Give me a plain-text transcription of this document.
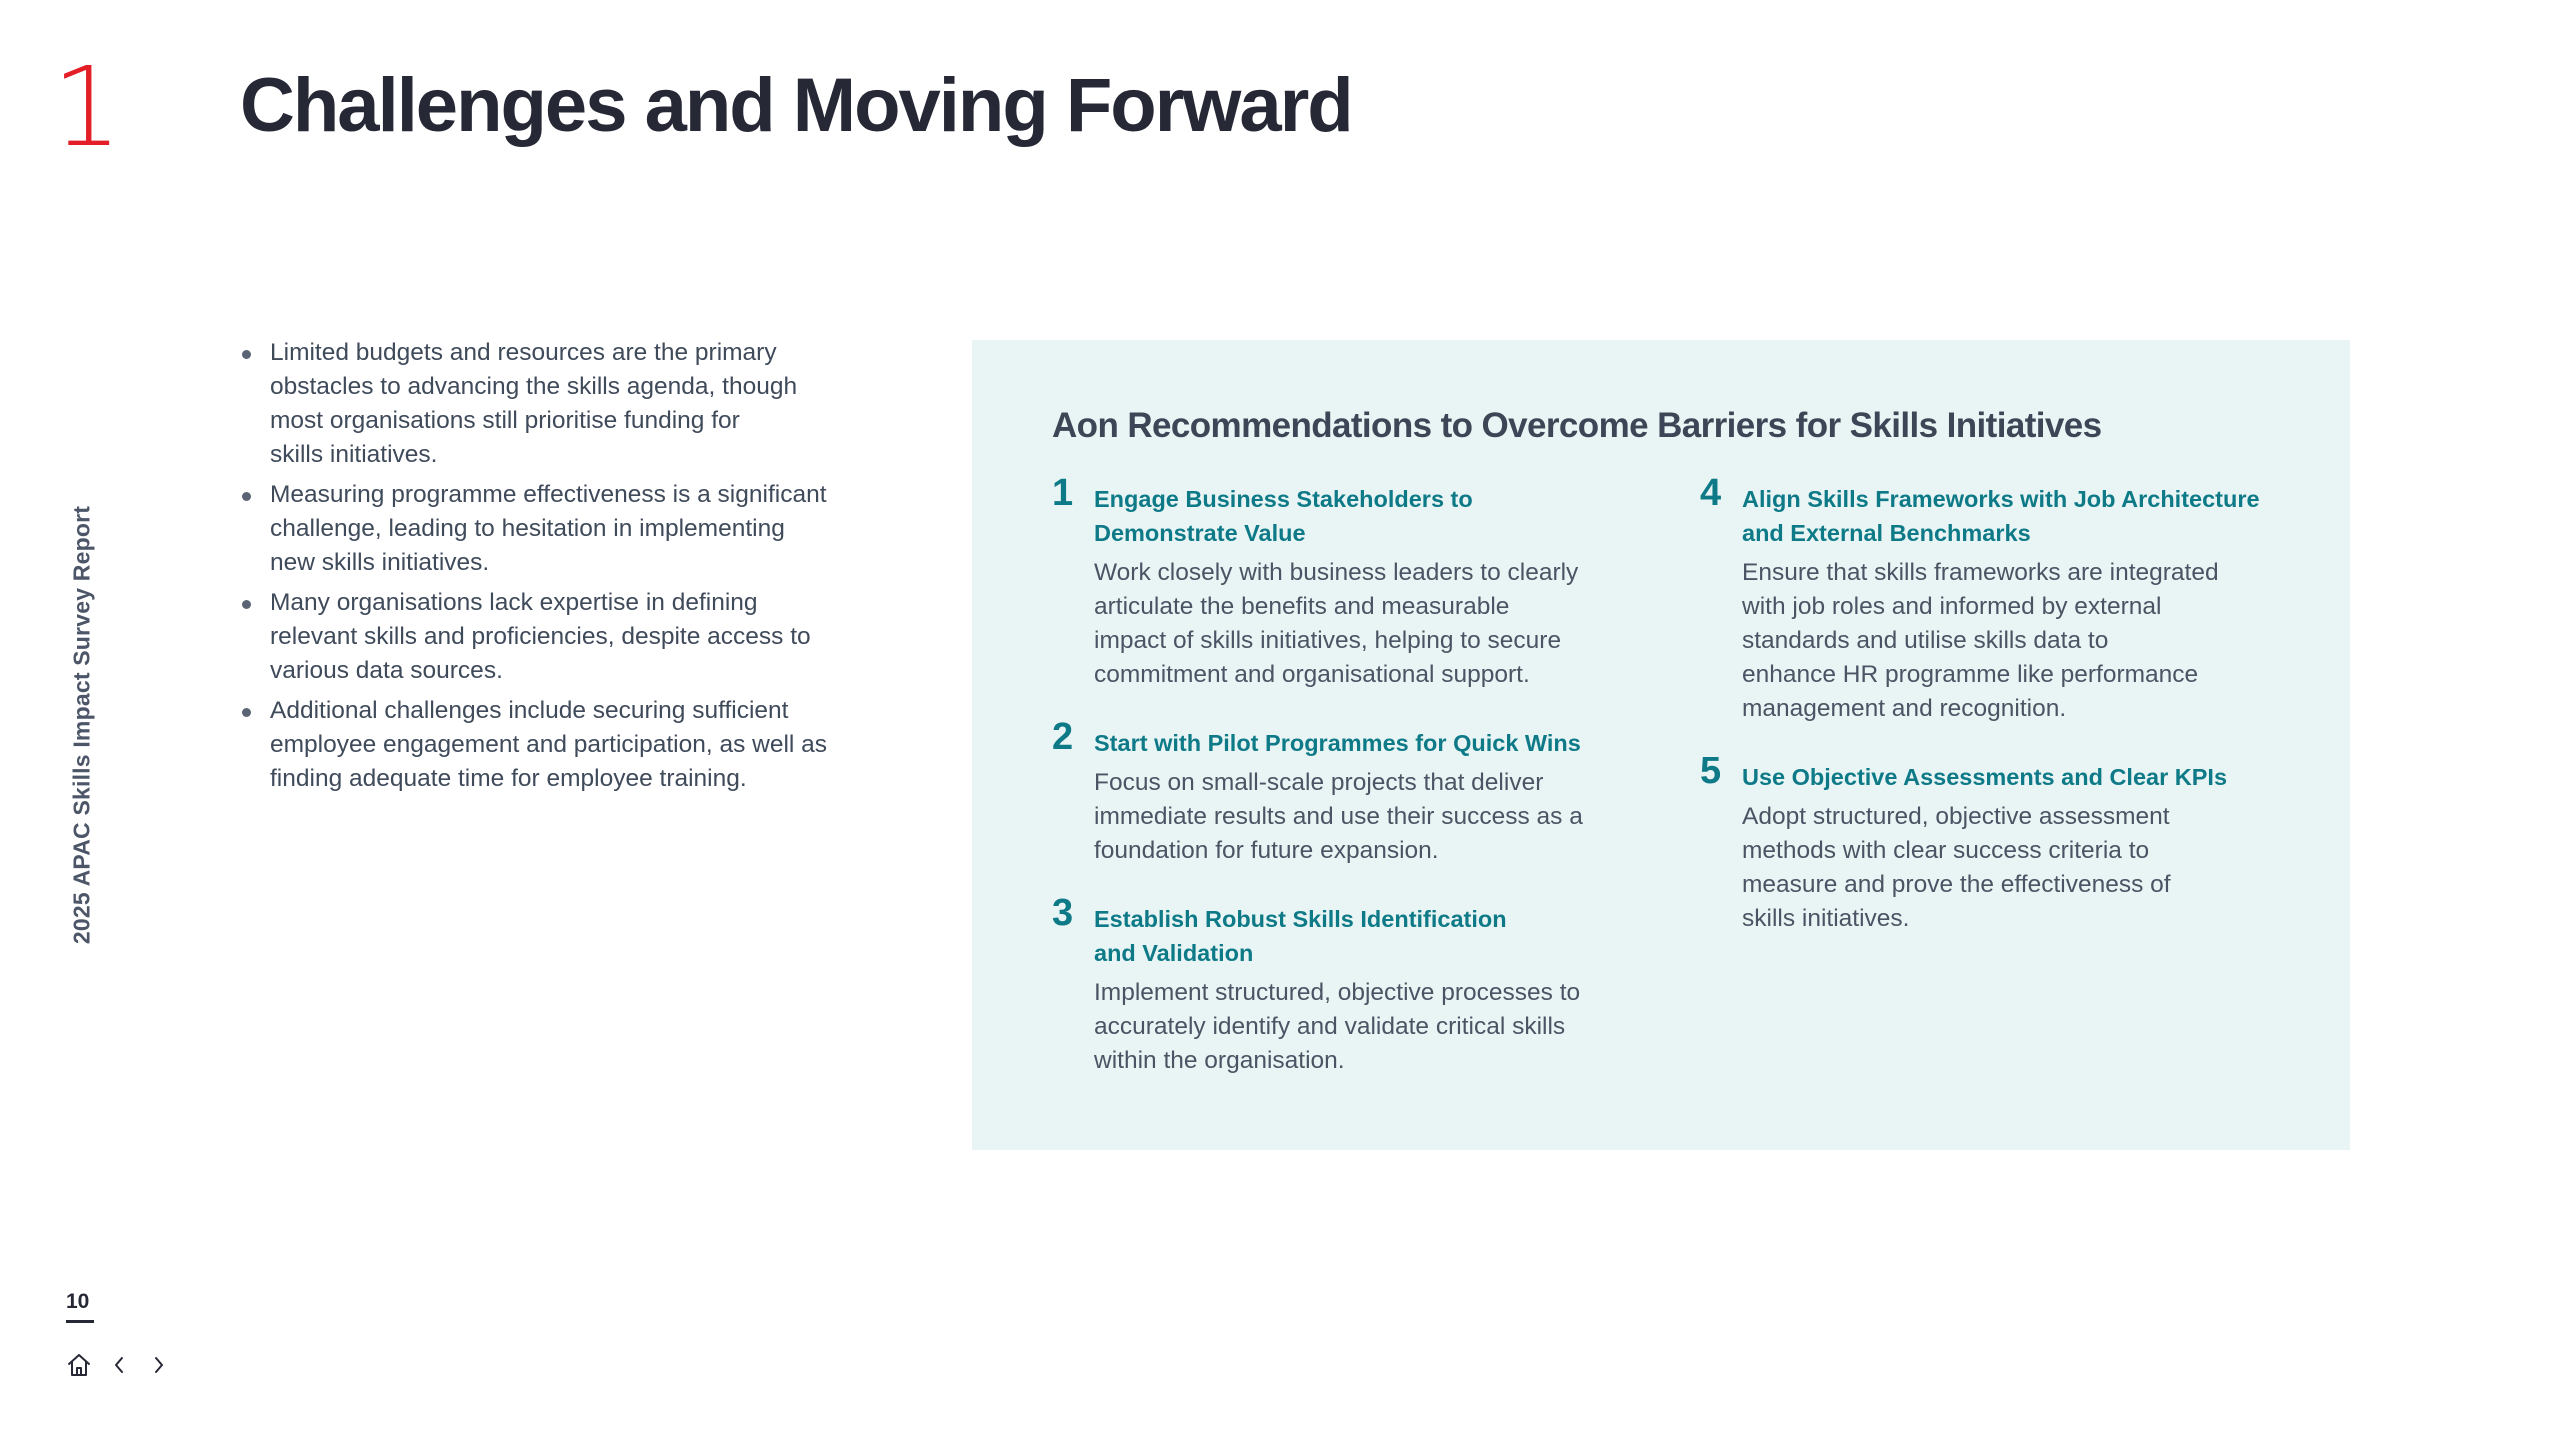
1 Challenges and Moving Forward
2025 APAC Skills Impact Survey Report
Limited budgets and resources are the primary
obstacles to advancing the skills agenda, though
most organisations still prioritise funding for
skills initiatives.
Measuring programme effectiveness is a significant
challenge, leading to hesitation in implementing
new skills initiatives.
Many organisations lack expertise in defining
relevant skills and proficiencies, despite access to
various data sources.
Additional challenges include securing sufficient
employee engagement and participation, as well as
finding adequate time for employee training.
Aon Recommendations to Overcome Barriers for Skills Initiatives
1 Engage Business Stakeholders to
Demonstrate Value
Work closely with business leaders to clearly
articulate the benefits and measurable
impact of skills initiatives, helping to secure
commitment and organisational support.
2 Start with Pilot Programmes for Quick Wins
Focus on small-scale projects that deliver
immediate results and use their success as a
foundation for future expansion.
3 Establish Robust Skills Identification
and Validation
Implement structured, objective processes to
accurately identify and validate critical skills
within the organisation.
4 Align Skills Frameworks with Job Architecture
and External Benchmarks
Ensure that skills frameworks are integrated
with job roles and informed by external
standards and utilise skills data to
enhance HR programme like performance
management and recognition.
5 Use Objective Assessments and Clear KPIs
Adopt structured, objective assessment
methods with clear success criteria to
measure and prove the effectiveness of
skills initiatives.
10
